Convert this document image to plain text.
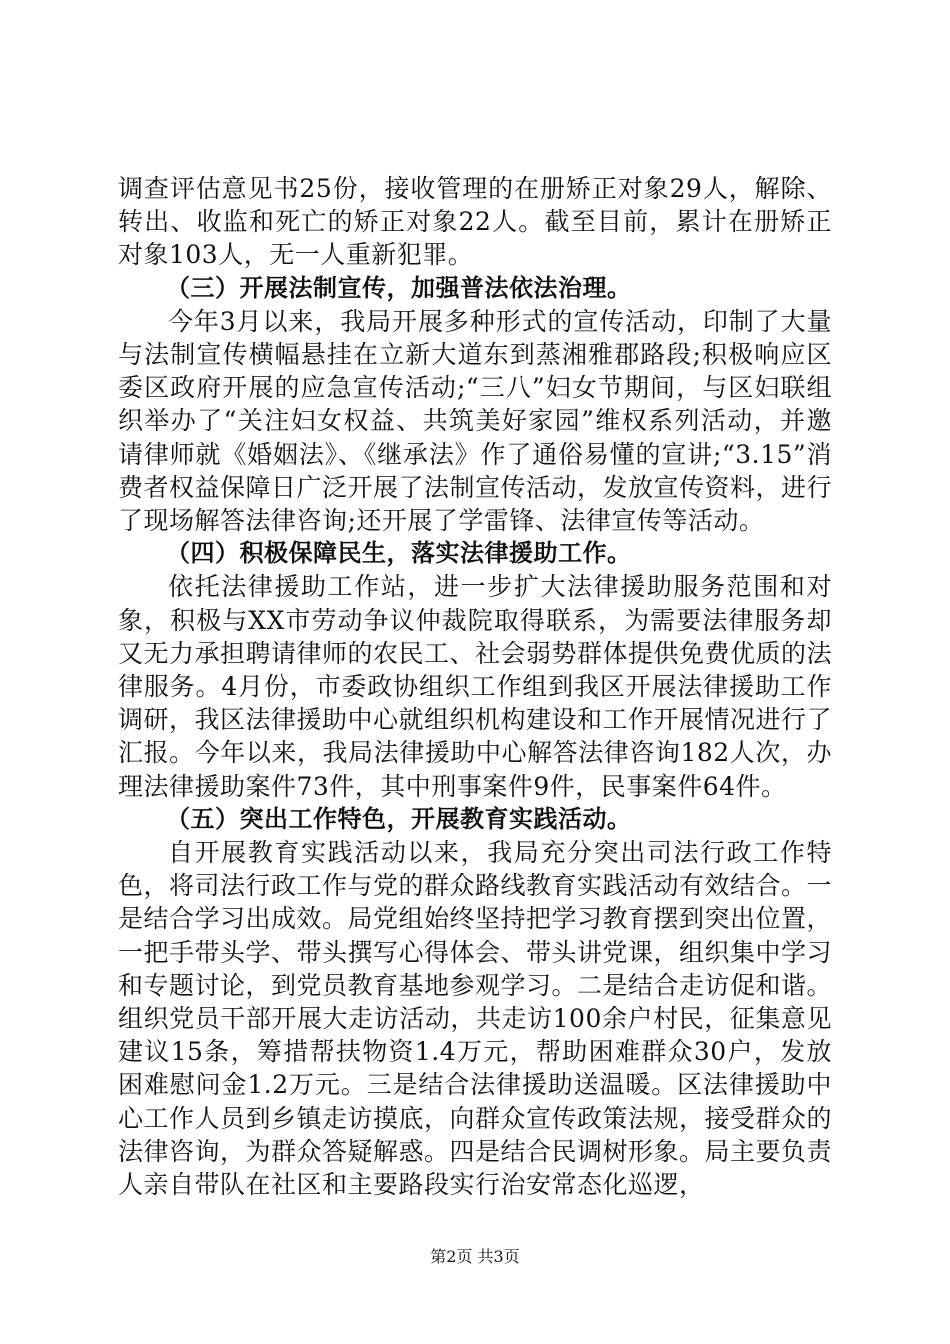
调查评估意见书25份，接收管理的在册矫正对象29人，解除、转出、收监和死亡的矫正对象22人。截至目前，累计在册矫正对象103人，无一人重新犯罪。

（三）开展法制宣传，加强普法依法治理。

今年3月以来，我局开展多种形式的宣传活动，印制了大量与法制宣传横幅悬挂在立新大道东到蒸湘雅郡路段;积极响应区委区政府开展的应急宣传活动;“三八”妇女节期间，与区妇联组织举办了“关注妇女权益、共筑美好家园”维权系列活动，并邀请律师就《婚姻法》、《继承法》作了通俗易懂的宣讲;“3.15”消费者权益保障日广泛开展了法制宣传活动，发放宣传资料，进行了现场解答法律咨询;还开展了学雷锋、法律宣传等活动。

（四）积极保障民生，落实法律援助工作。

依托法律援助工作站，进一步扩大法律援助服务范围和对象，积极与XX市劳动争议仲裁院取得联系，为需要法律服务却又无力承担聘请律师的农民工、社会弱势群体提供免费优质的法律服务。4月份，市委政协组织工作组到我区开展法律援助工作调研，我区法律援助中心就组织机构建设和工作开展情况进行了汇报。今年以来，我局法律援助中心解答法律咨询182人次，办理法律援助案件73件，其中刑事案件9件，民事案件64件。

（五）突出工作特色，开展教育实践活动。

自开展教育实践活动以来，我局充分突出司法行政工作特色，将司法行政工作与党的群众路线教育实践活动有效结合。一是结合学习出成效。局党组始终坚持把学习教育摆到突出位置，一把手带头学、带头撰写心得体会、带头讲党课，组织集中学习和专题讨论，到党员教育基地参观学习。二是结合走访促和谐。组织党员干部开展大走访活动，共走访100余户村民，征集意见建议15条，筹措帮扶物资1.4万元，帮助困难群众30户，发放困难慰问金1.2万元。三是结合法律援助送温暖。区法律援助中心工作人员到乡镇走访摸底，向群众宣传政策法规，接受群众的法律咨询，为群众答疑解惑。四是结合民调树形象。局主要负责人亲自带队在社区和主要路段实行治安常态化巡逻，

第2页 共3页
